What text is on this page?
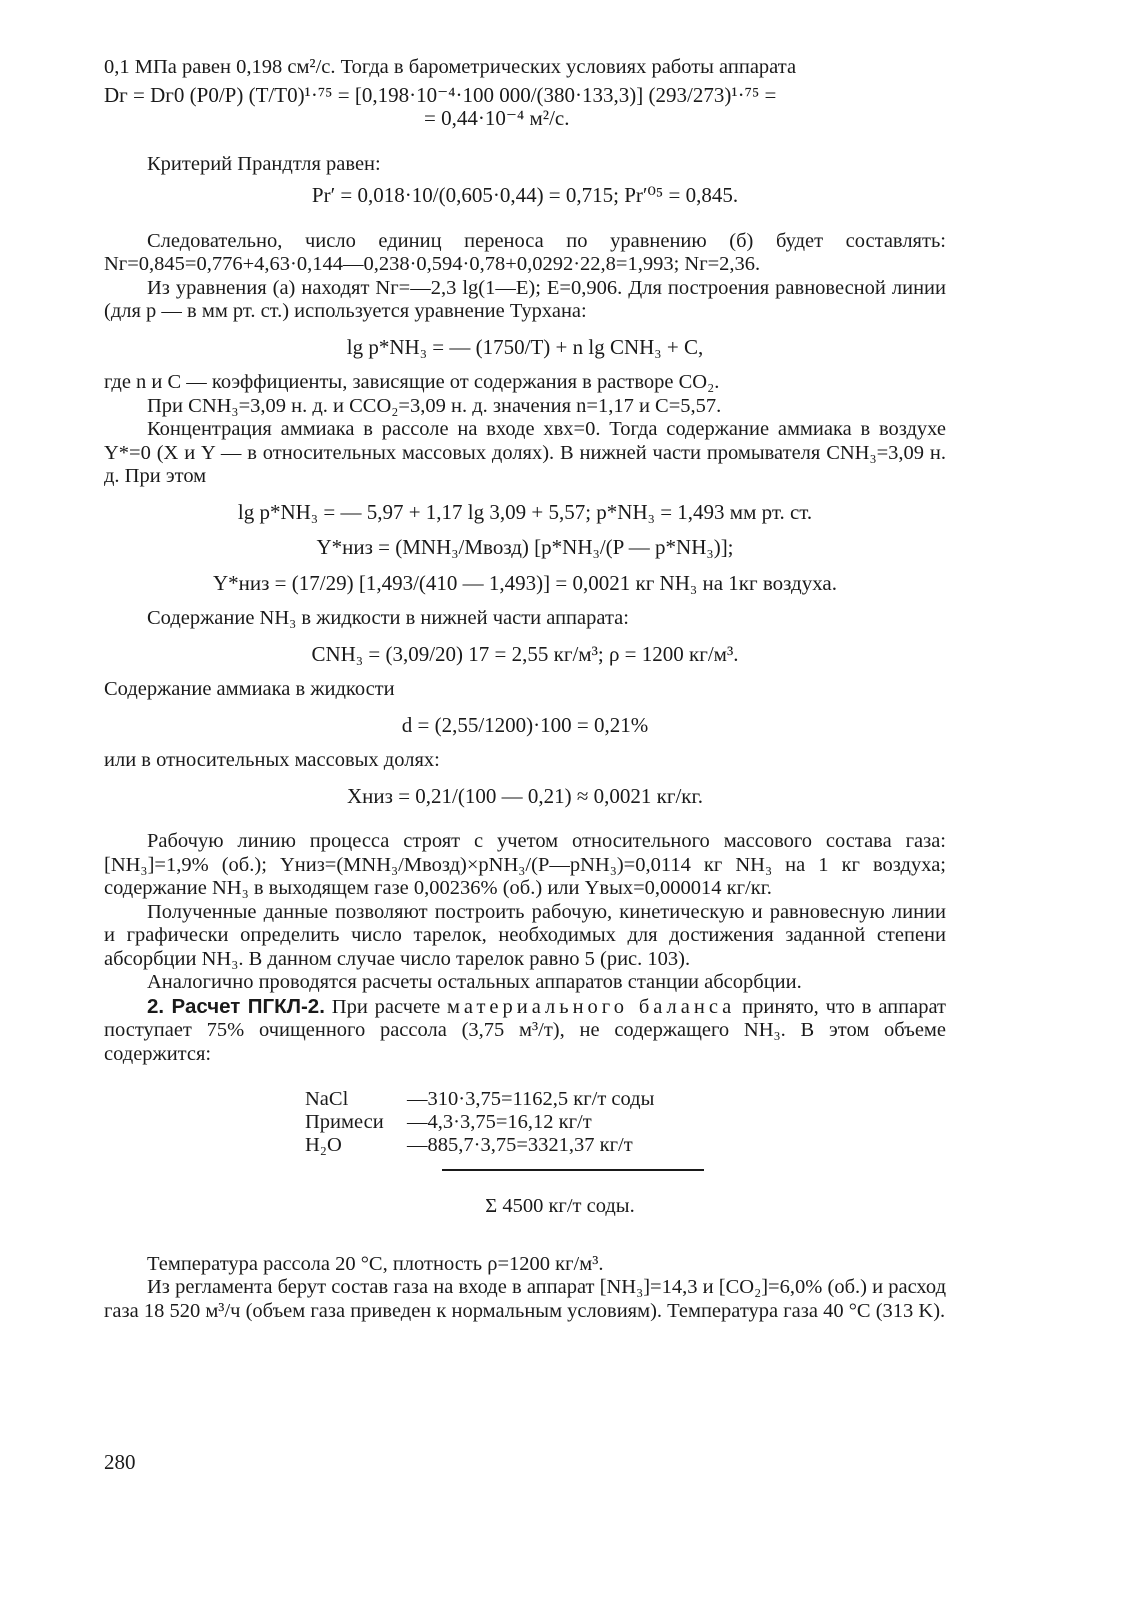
0,1 МПа равен 0,198 см²/с. Тогда в барометрических условиях работы аппарата

Dг = Dг0 (P0/P) (T/T0)¹·⁷⁵ = [0,198·10⁻⁴·100 000/(380·133,3)] (293/273)¹·⁷⁵ =

= 0,44·10⁻⁴ м²/с.

Критерий Прандтля равен:

Pr′ = 0,018·10/(0,605·0,44) = 0,715; Pr′⁰⁵ = 0,845.

Следовательно, число единиц переноса по уравнению (б) будет составлять: Nг=0,845=0,776+4,63·0,144—0,238·0,594·0,78+0,0292·22,8=1,993; Nг=2,36.

Из уравнения (а) находят Nг=—2,3 lg(1—E); E=0,906. Для построения равновесной линии (для p — в мм рт. ст.) используется уравнение Турхана:

lg p*NH₃ = — (1750/T) + n lg CNH₃ + C,

где n и C — коэффициенты, зависящие от содержания в растворе CO₂.

При CNH₃=3,09 н. д. и CCO₂=3,09 н. д. значения n=1,17 и C=5,57.

Концентрация аммиака в рассоле на входе xвх=0. Тогда содержание аммиака в воздухе Y*=0 (X и Y — в относительных массовых долях). В нижней части промывателя CNH₃=3,09 н. д. При этом

lg p*NH₃ = — 5,97 + 1,17 lg 3,09 + 5,57; p*NH₃ = 1,493 мм рт. ст.

Y*низ = (MNH₃/Mвозд) [p*NH₃/(P — p*NH₃)];

Y*низ = (17/29) [1,493/(410 — 1,493)] = 0,0021 кг NH₃ на 1кг воздуха.

Содержание NH₃ в жидкости в нижней части аппарата:

CNH₃ = (3,09/20) 17 = 2,55 кг/м³; ρ = 1200 кг/м³.

Содержание аммиака в жидкости

d = (2,55/1200)·100 = 0,21%

или в относительных массовых долях:

Xниз = 0,21/(100 — 0,21) ≈ 0,0021 кг/кг.

Рабочую линию процесса строят с учетом относительного массового состава газа: [NH₃]=1,9% (об.); Yниз=(MNH₃/Mвозд)×pNH₃/(P—pNH₃)=0,0114 кг NH₃ на 1 кг воздуха; содержание NH₃ в выходящем газе 0,00236% (об.) или Yвых=0,000014 кг/кг.

Полученные данные позволяют построить рабочую, кинетическую и равновесную линии и графически определить число тарелок, необходимых для достижения заданной степени абсорбции NH₃. В данном случае число тарелок равно 5 (рис. 103).

Аналогично проводятся расчеты остальных аппаратов станции абсорбции.

2. Расчет ПГКЛ-2. При расчете материального баланса принято, что в аппарат поступает 75% очищенного рассола (3,75 м³/т), не содержащего NH₃. В этом объеме содержится:

NaCl	—310·3,75=1162,5 кг/т соды
Примеси	—4,3·3,75=16,12 кг/т
H₂O	—885,7·3,75=3321,37 кг/т

Σ 4500 кг/т соды.

Температура рассола 20 °C, плотность ρ=1200 кг/м³.

Из регламента берут состав газа на входе в аппарат [NH₃]=14,3 и [CO₂]=6,0% (об.) и расход газа 18 520 м³/ч (объем газа приведен к нормальным условиям). Температура газа 40 °C (313 K).

280
